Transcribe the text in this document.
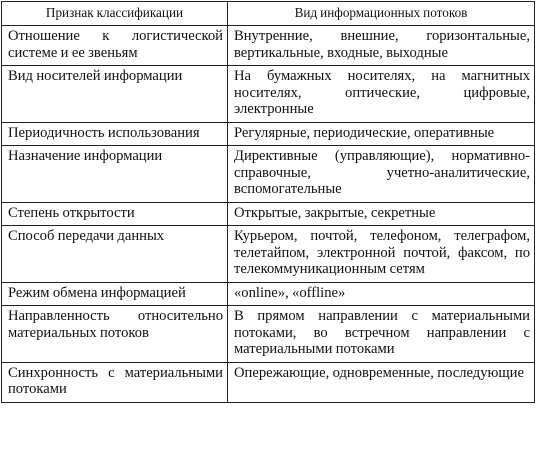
Признак классификации	Вид информационных потоков
Отношение к логистической системе и ее звеньям	Внутренние, внешние, горизонтальные, вертикальные, входные, выходные
Вид носителей информации	На бумажных носителях, на магнитных носителях, оптические, цифровые, электронные
Периодичность использования	Регулярные, периодические, оперативные
Назначение информации	Директивные (управляющие), нормативно-справочные, учетно-аналитические, вспомогательные
Степень открытости	Открытые, закрытые, секретные
Способ передачи данных	Курьером, почтой, телефоном, телеграфом, телетайпом, электронной почтой, факсом, по телекоммуникационным сетям
Режим обмена информацией	«online», «offline»
Направленность относительно материальных потоков	В прямом направлении с материальными потоками, во встречном направлении с материальными потоками
Синхронность с материальными потоками	Опережающие, одновременные, последующие
